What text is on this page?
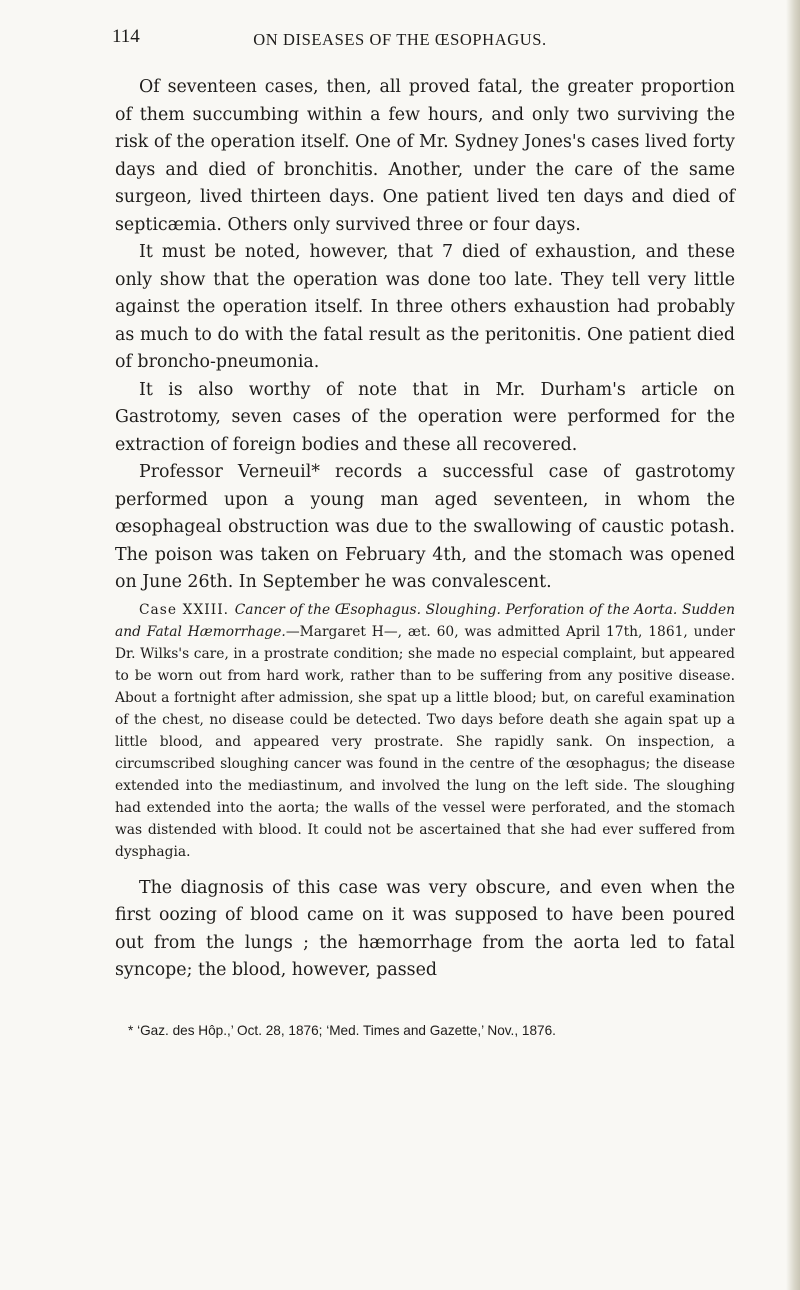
114	ON DISEASES OF THE ŒSOPHAGUS.

Of seventeen cases, then, all proved fatal, the greater proportion of them succumbing within a few hours, and only two surviving the risk of the operation itself. One of Mr. Sydney Jones's cases lived forty days and died of bronchitis. Another, under the care of the same surgeon, lived thirteen days. One patient lived ten days and died of septicæmia. Others only survived three or four days.

It must be noted, however, that 7 died of exhaustion, and these only show that the operation was done too late. They tell very little against the operation itself. In three others exhaustion had probably as much to do with the fatal result as the peritonitis. One patient died of broncho-pneumonia.

It is also worthy of note that in Mr. Durham's article on Gastrotomy, seven cases of the operation were performed for the extraction of foreign bodies and these all recovered.

Professor Verneuil* records a successful case of gastrotomy performed upon a young man aged seventeen, in whom the œsophageal obstruction was due to the swallowing of caustic potash. The poison was taken on February 4th, and the stomach was opened on June 26th. In September he was convalescent.

Case XXIII. Cancer of the Œsophagus. Sloughing. Perforation of the Aorta. Sudden and Fatal Hæmorrhage.—Margaret H—, æt. 60, was admitted April 17th, 1861, under Dr. Wilks's care, in a prostrate condition; she made no especial complaint, but appeared to be worn out from hard work, rather than to be suffering from any positive disease. About a fortnight after admission, she spat up a little blood; but, on careful examination of the chest, no disease could be detected. Two days before death she again spat up a little blood, and appeared very prostrate. She rapidly sank. On inspection, a circumscribed sloughing cancer was found in the centre of the œsophagus; the disease extended into the mediastinum, and involved the lung on the left side. The sloughing had extended into the aorta; the walls of the vessel were perforated, and the stomach was distended with blood. It could not be ascertained that she had ever suffered from dysphagia.

The diagnosis of this case was very obscure, and even when the first oozing of blood came on it was supposed to have been poured out from the lungs ; the hæmorrhage from the aorta led to fatal syncope; the blood, however, passed

* ‘Gaz. des Hôp.,’ Oct. 28, 1876; ‘Med. Times and Gazette,’ Nov., 1876.
